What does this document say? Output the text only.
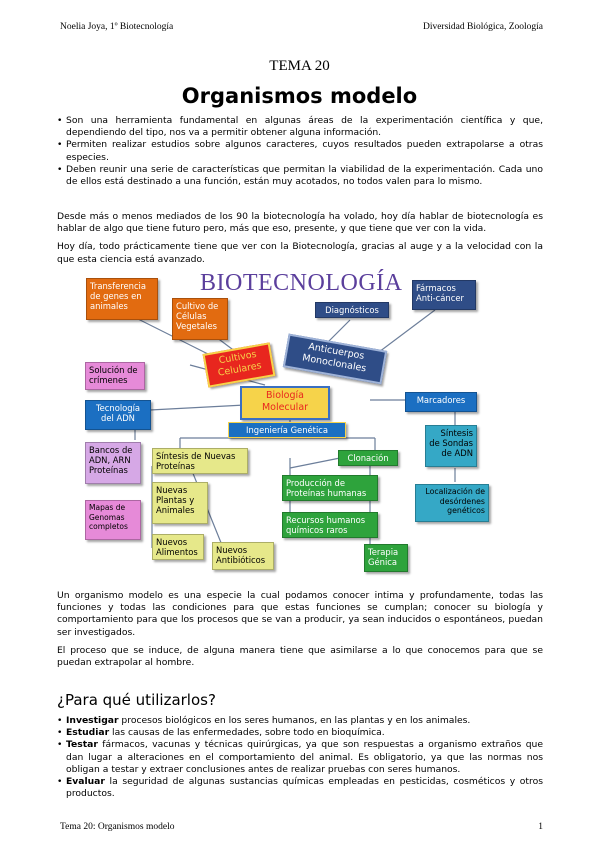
Noelia Joya, 1º Biotecnología	Diversidad Biológica, Zoología
TEMA 20
Organismos modelo
• Son una herramienta fundamental en algunas áreas de la experimentación científica y que, dependiendo del tipo, nos va a permitir obtener alguna información.
• Permiten realizar estudios sobre algunos caracteres, cuyos resultados pueden extrapolarse a otras especies.
• Deben reunir una serie de características que permitan la viabilidad de la experimentación. Cada uno de ellos está destinado a una función, están muy acotados, no todos valen para lo mismo.

Desde más o menos mediados de los 90 la biotecnología ha volado, hoy día hablar de biotecnología es hablar de algo que tiene futuro pero, más que eso, presente, y que tiene que ver con la vida.

Hoy día, todo prácticamente tiene que ver con la Biotecnología, gracias al auge y a la velocidad con la que esta ciencia está avanzado.

BIOTECNOLOGÍA
Transferencia de genes en animales	Cultivo de Células Vegetales
Diagnósticos
Fármacos Anti-cáncer
Cultivos Celulares
Anticuerpos Monoclonales
Solución de crímenes
Tecnología del ADN
Biología Molecular
Marcadores
Ingeniería Genética
Bancos de ADN, ARN Proteínas
Síntesis de Nuevas Proteínas
Clonación
Síntesis de Sondas de ADN
Mapas de Genomas completos
Nuevas Plantas y Animales
Producción de Proteínas humanas	Localización de desórdenes genéticos
Recursos humanos químicos raros
Nuevos Alimentos	Nuevos Antibióticos
Terapia Génica

Un organismo modelo es una especie la cual podamos conocer intima y profundamente, todas las funciones y todas las condiciones para que estas funciones se cumplan; conocer su biología y comportamiento para que los procesos que se van a producir, ya sean inducidos o espontáneos, puedan ser investigados.

El proceso que se induce, de alguna manera tiene que asimilarse a lo que conocemos para que se puedan extrapolar al hombre.

¿Para qué utilizarlos?
• Investigar procesos biológicos en los seres humanos, en las plantas y en los animales.
• Estudiar las causas de las enfermedades, sobre todo en bioquímica.
• Testar fármacos, vacunas y técnicas quirúrgicas, ya que son respuestas a organismo extraños que dan lugar a alteraciones en el comportamiento del animal. Es obligatorio, ya que las normas nos obligan a testar y extraer conclusiones antes de realizar pruebas con seres humanos.
• Evaluar la seguridad de algunas sustancias químicas empleadas en pesticidas, cosméticos y otros productos.
Tema 20: Organismos modelo	1
